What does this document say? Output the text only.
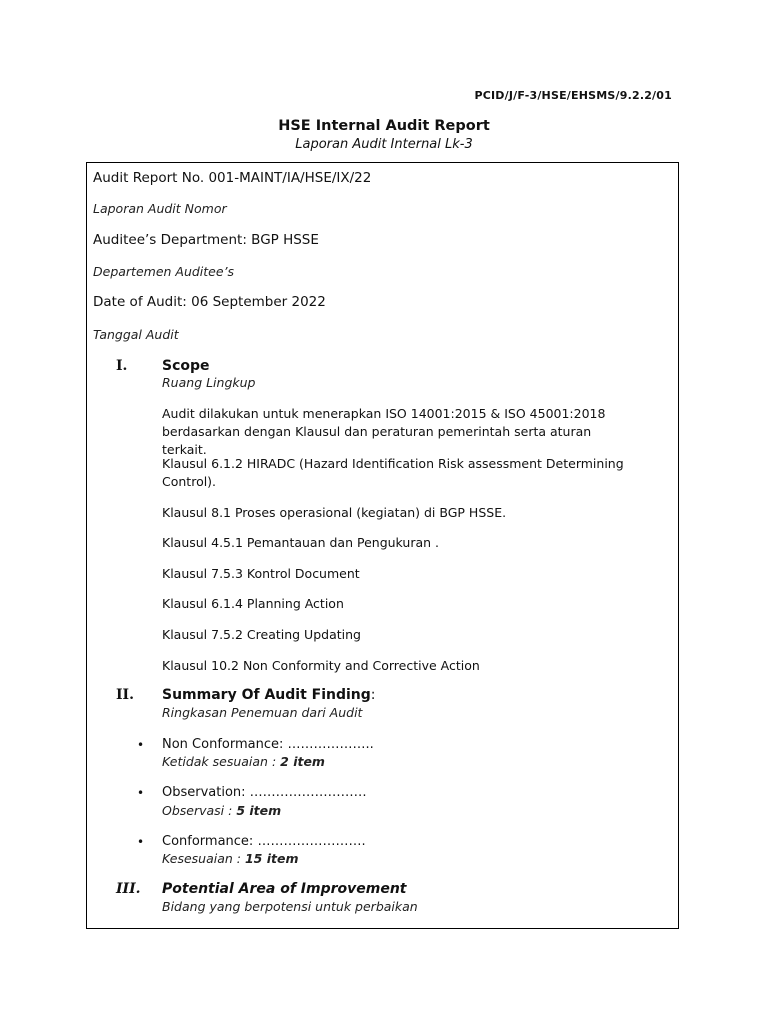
PCID/J/F-3/HSE/EHSMS/9.2.2/01
HSE Internal Audit Report
Laporan Audit Internal Lk-3
Audit Report No. 001-MAINT/IA/HSE/IX/22
Laporan Audit Nomor
Auditee’s Department: BGP HSSE
Departemen Auditee’s
Date of Audit: 06 September 2022
Tanggal Audit
I. Scope
Ruang Lingkup
Audit dilakukan untuk menerapkan ISO 14001:2015 & ISO 45001:2018 berdasarkan dengan Klausul dan peraturan pemerintah serta aturan terkait.
Klausul 6.1.2 HIRADC (Hazard Identification Risk assessment Determining Control).
Klausul 8.1 Proses operasional (kegiatan) di BGP HSSE.
Klausul 4.5.1 Pemantauan dan Pengukuran .
Klausul 7.5.3 Kontrol Document
Klausul 6.1.4 Planning Action
Klausul 7.5.2 Creating Updating
Klausul 10.2 Non Conformity and Corrective Action
II. Summary Of Audit Finding:
Ringkasan Penemuan dari Audit
• Non Conformance: ………………..
Ketidak sesuaian : 2 item
• Observation: ………………………
Observasi : 5 item
• Conformance: …………………….
Kesesuaian : 15 item
III. Potential Area of Improvement
Bidang yang berpotensi untuk perbaikan
